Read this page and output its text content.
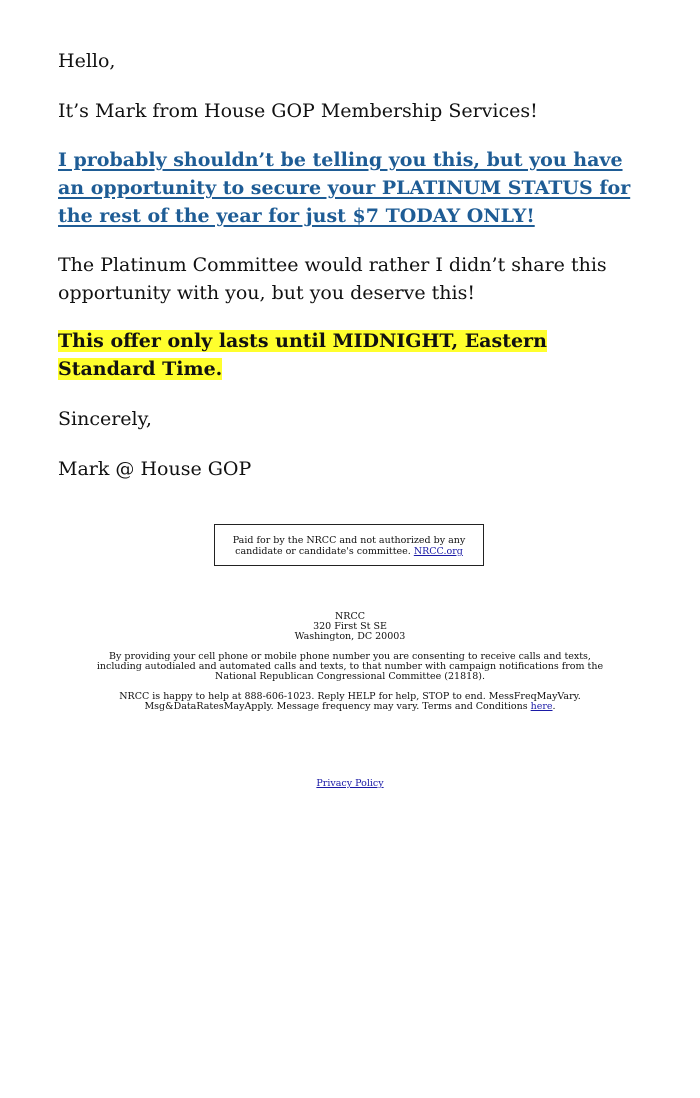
Hello,

It’s Mark from House GOP Membership Services!

I probably shouldn’t be telling you this, but you have an opportunity to secure your PLATINUM STATUS for the rest of the year for just $7 TODAY ONLY!

The Platinum Committee would rather I didn’t share this opportunity with you, but you deserve this!

This offer only lasts until MIDNIGHT, Eastern Standard Time.

Sincerely,

Mark @ House GOP

Paid for by the NRCC and not authorized by any candidate or candidate's committee. NRCC.org
NRCC
320 First St SE
Washington, DC 20003

By providing your cell phone or mobile phone number you are consenting to receive calls and texts, including autodialed and automated calls and texts, to that number with campaign notifications from the National Republican Congressional Committee (21818).

NRCC is happy to help at 888-606-1023. Reply HELP for help, STOP to end. MessFreqMayVary. Msg&DataRatesMayApply. Message frequency may vary. Terms and Conditions here.

Privacy Policy
